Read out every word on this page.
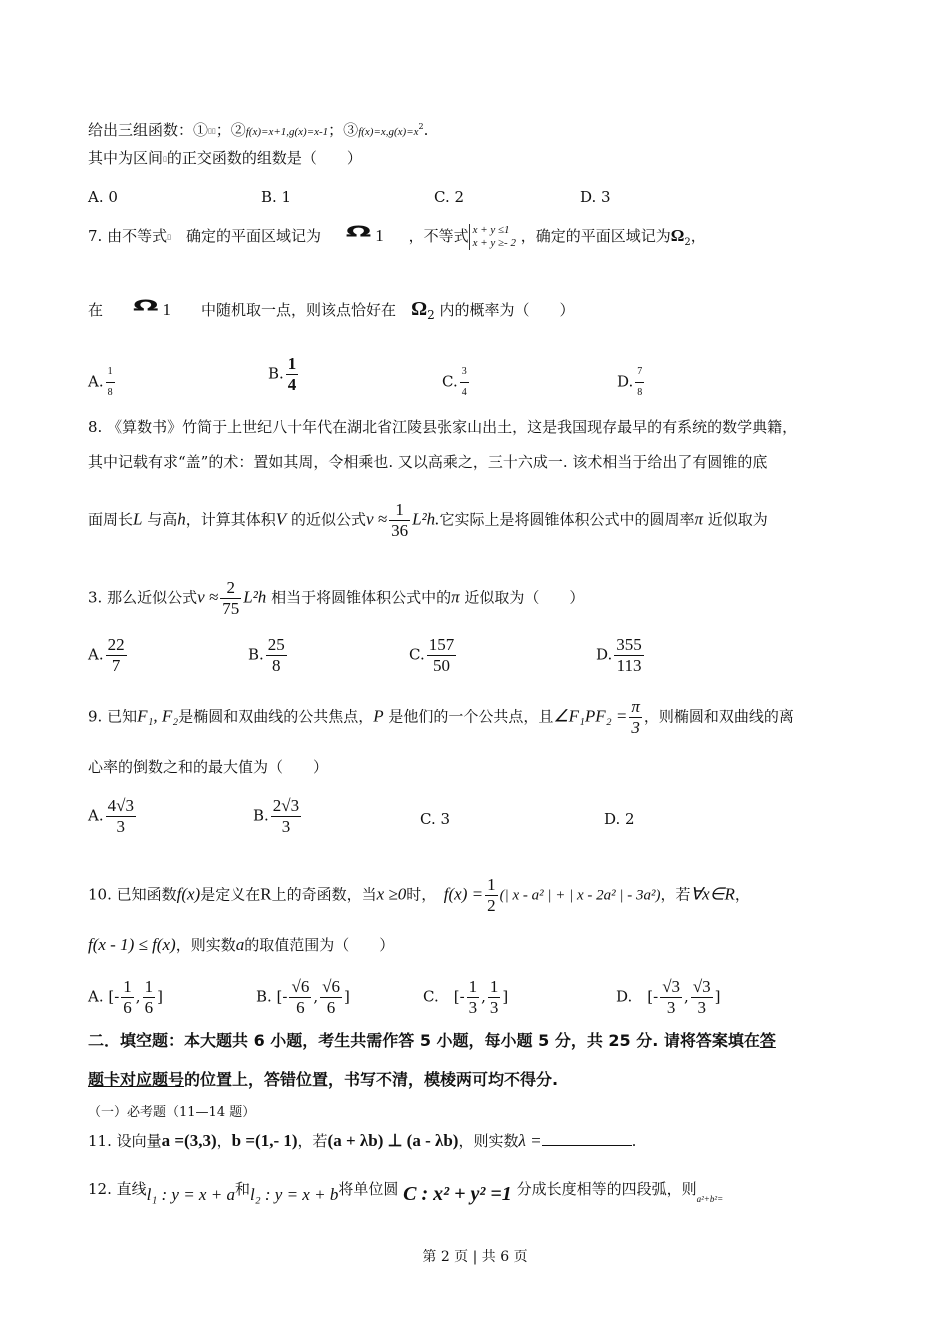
给出三组函数：①▯▯；②f(x)=x+1,g(x)=x-1；$③f(x)=x,g(x)=x^2$.
其中为区间▯的正交函数的组数是（　　）
A. 0	B. 1	C. 2	D. 3
7. 由不等式▯　 确定的平面区域记为 Ω1 ，不等式 x + y ≤1
x + y ≥- 2 ，确定的平面区域记为$\Omega_2$，
在 Ω1　　 中随机取一点，则该点恰好在　 $\Omega_2$ 内的概率为（　　）
A. $\frac{1}{8}$	B. $\frac{1}{4}$	C. $\frac{3}{4}$	D. $\frac{7}{8}$
8. 《算数书》竹简于上世纪八十年代在湖北省江陵县张家山出土，这是我国现存最早的有系统的数学典籍，
其中记载有求“盖”的术：置如其周，令相乘也. 又以高乘之，三十六成一. 该术相当于给出了有圆锥的底
面周长L 与高h，计算其体积V 的近似公式$v \approx \frac{1}{36} L^2h$.它实际上是将圆锥体积公式中的圆周率π 近似取为
3. 那么近似公式$v \approx \frac{2}{75} L^2h$ 相当于将圆锥体积公式中的π 近似取为（　　）
A. $\frac{22}{7}$	B. $\frac{25}{8}$	C. $\frac{157}{50}$	D. $\frac{355}{113}$
9. 已知F₁, F₂是椭圆和双曲线的公共焦点，P 是他们的一个公共点，且∠F₁PF₂ = $\frac{\pi}{3}$ ，则椭圆和双曲线的离
心率的倒数之和的最大值为（　　）
A. $\frac{4√3}{3}$	B. $\frac{2√3}{3}$	C. 3	D. 2
10. 已知函数f(x)是定义在R上的奇函数，当x ≥0时，　 $f(x) = \frac{1}{2}$ (| x - a² | + | x - 2a² | - 3a²)，若∀x∈R，
f(x - 1) ≤ f(x)，则实数a的取值范围为（　　）
A. [- $\frac{1}{6}$ , $\frac{1}{6}$ ]	B. [- $\frac{√6}{6}$ , $\frac{√6}{6}$ ]	C.　[- $\frac{1}{3}$ , $\frac{1}{3}$ ]	D.　[- $\frac{√3}{3}$ , $\frac{√3}{3}$ ]
二．填空题：本大题共 6 小题，考生共需作答 5 小题，每小题 5 分，共 25 分. 请将答案填在答
题卡对应题号的位置上，答错位置，书写不清，模棱两可均不得分.
（一）必考题（11—14 题）
11. 设向量a =(3,3)，b =(1,- 1)，若(a + λb) ⊥ (a - λb)，则实数λ =	.
12. 直线l₁ : y = x + a和l₂ : y = x + b将单位圆 C : x² + y² =1 分成长度相等的四段弧，则$_{a^2+b^2=}$
第 2 页 | 共 6 页
